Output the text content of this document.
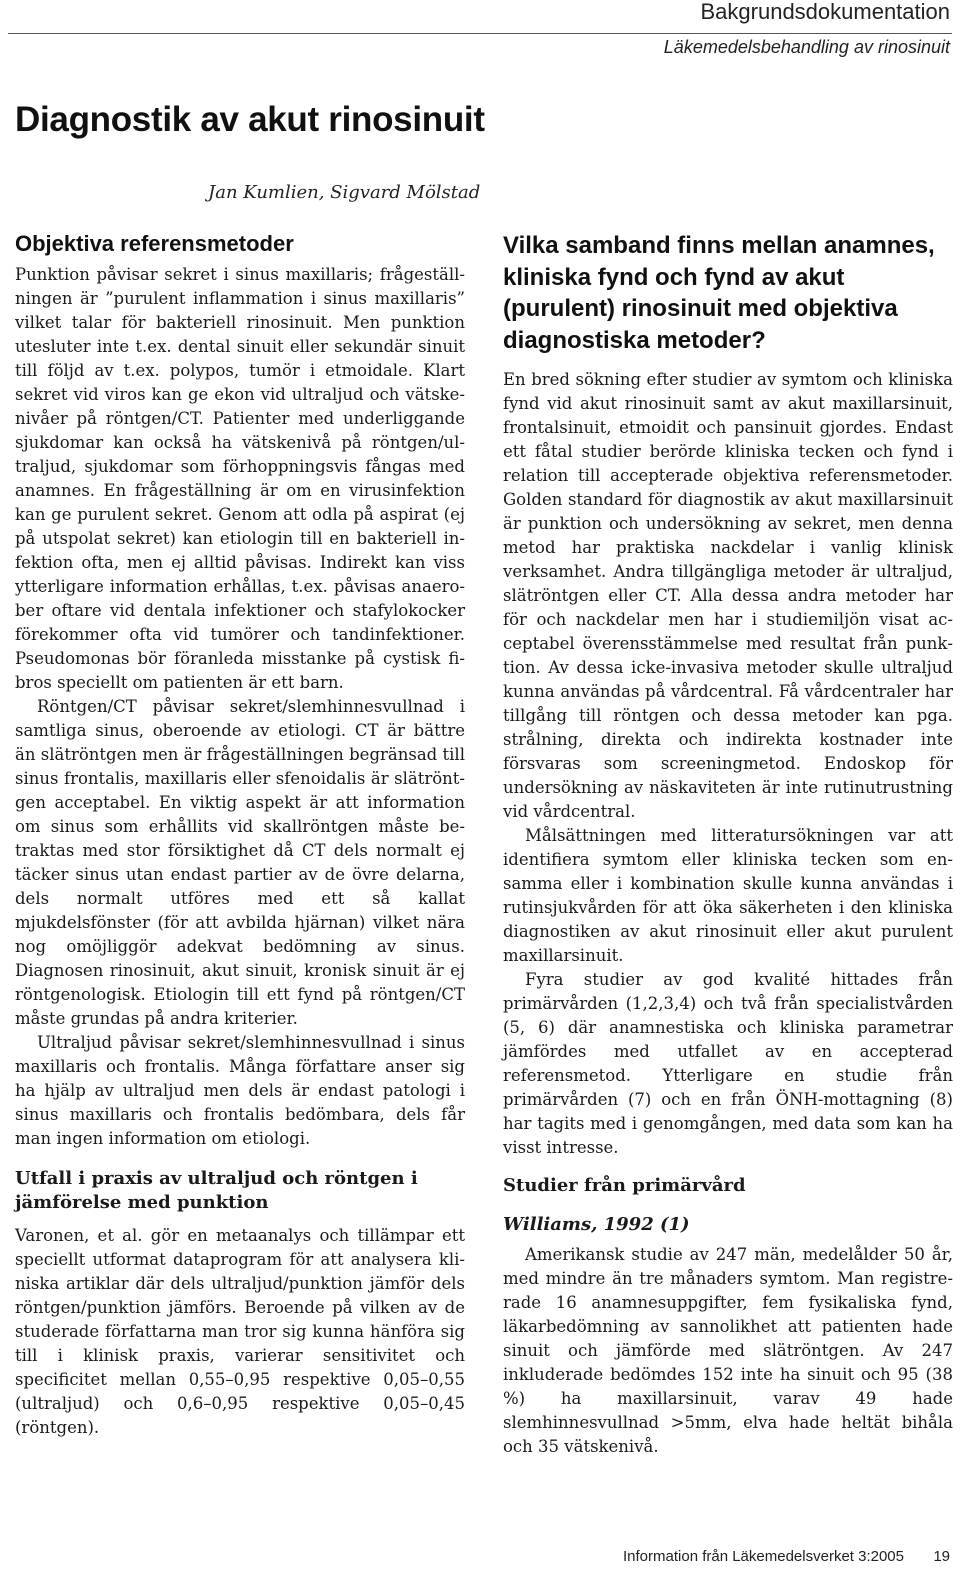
Bakgrundsdokumentation
Läkemedelsbehandling av rinosinuit
Diagnostik av akut rinosinuit
Jan Kumlien, Sigvard Mölstad
Objektiva referensmetoder

Punktion påvisar sekret i sinus maxillaris; frågeställningen är ”purulent inflammation i sinus maxillaris” vilket talar för bakteriell rinosinuit. Men punktion utesluter inte t.ex. dental sinuit eller sekundär sinuit till följd av t.ex. polypos, tumör i etmoidale. Klart sekret vid viros kan ge ekon vid ultraljud och vätskenivåer på röntgen/CT. Patienter med underliggande sjukdomar kan också ha vätskenivå på röntgen/ultraljud, sjukdomar som förhoppningsvis fångas med anamnes. En frågeställning är om en virusinfektion kan ge purulent sekret. Genom att odla på aspirat (ej på utspolat sekret) kan etiologin till en bakteriell infektion ofta, men ej alltid påvisas. Indirekt kan viss ytterligare information erhållas, t.ex. påvisas anaerober oftare vid dentala infektioner och stafylokocker förekommer ofta vid tumörer och tandinfektioner. Pseudomonas bör föranleda misstanke på cystisk fibros speciellt om patienten är ett barn.

Röntgen/CT påvisar sekret/slemhinnesvullnad i samtliga sinus, oberoende av etiologi. CT är bättre än slätröntgen men är frågeställningen begränsad till sinus frontalis, maxillaris eller sfenoidalis är slätröntgen acceptabel. En viktig aspekt är att information om sinus som erhållits vid skallröntgen måste betraktas med stor försiktighet då CT dels normalt ej täcker sinus utan endast partier av de övre delarna, dels normalt utföres med ett så kallat mjukdelsfönster (för att avbilda hjärnan) vilket nära nog omöjliggör adekvat bedömning av sinus. Diagnosen rinosinuit, akut sinuit, kronisk sinuit är ej röntgenologisk. Etiologin till ett fynd på röntgen/CT måste grundas på andra kriterier.

Ultraljud påvisar sekret/slemhinnesvullnad i sinus maxillaris och frontalis. Många författare anser sig ha hjälp av ultraljud men dels är endast patologi i sinus maxillaris och frontalis bedömbara, dels får man ingen information om etiologi.

Utfall i praxis av ultraljud och röntgen i jämförelse med punktion

Varonen, et al. gör en metaanalys och tillämpar ett speciellt utformat dataprogram för att analysera kliniska artiklar där dels ultraljud/punktion jämför dels röntgen/punktion jämförs. Beroende på vilken av de studerade författarna man tror sig kunna hänföra sig till i klinisk praxis, varierar sensitivitet och specificitet mellan 0,55–0,95 respektive 0,05–0,55 (ultraljud) och 0,6–0,95 respektive 0,05–0,45 (röntgen).

Vilka samband finns mellan anamnes, kliniska fynd och fynd av akut (purulent) rinosinuit med objektiva diagnostiska metoder?

En bred sökning efter studier av symtom och kliniska fynd vid akut rinosinuit samt av akut maxillarsinuit, frontalsinuit, etmoidit och pansinuit gjordes. Endast ett fåtal studier berörde kliniska tecken och fynd i relation till accepterade objektiva referensmetoder. Golden standard för diagnostik av akut maxillarsinuit är punktion och undersökning av sekret, men denna metod har praktiska nackdelar i vanlig klinisk verksamhet. Andra tillgängliga metoder är ultraljud, slätröntgen eller CT. Alla dessa andra metoder har för och nackdelar men har i studiemiljön visat acceptabel överensstämmelse med resultat från punktion. Av dessa icke-invasiva metoder skulle ultraljud kunna användas på vårdcentral. Få vårdcentraler har tillgång till röntgen och dessa metoder kan pga. strålning, direkta och indirekta kostnader inte försvaras som screeningmetod. Endoskop för undersökning av näskaviteten är inte rutinutrustning vid vårdcentral.

Målsättningen med litteratursökningen var att identifiera symtom eller kliniska tecken som ensamma eller i kombination skulle kunna användas i rutinsjukvården för att öka säkerheten i den kliniska diagnostiken av akut rinosinuit eller akut purulent maxillarsinuit.

Fyra studier av god kvalité hittades från primärvården (1,2,3,4) och två från specialistvården (5, 6) där anamnestiska och kliniska parametrar jämfördes med utfallet av en accepterad referensmetod. Ytterligare en studie från primärvården (7) och en från ÖNH-mottagning (8) har tagits med i genomgången, med data som kan ha visst intresse.

Studier från primärvård
Williams, 1992 (1)

Amerikansk studie av 247 män, medelålder 50 år, med mindre än tre månaders symtom. Man registrerade 16 anamnesuppgifter, fem fysikaliska fynd, läkarbedömning av sannolikhet att patienten hade sinuit och jämförde med slätröntgen. Av 247 inkluderade bedömdes 152 inte ha sinuit och 95 (38 %) ha maxillarsinuit, varav 49 hade slemhinnesvullnad >5mm, elva hade heltät bihåla och 35 vätskenivå.

Information från Läkemedelsverket 3:2005 19
